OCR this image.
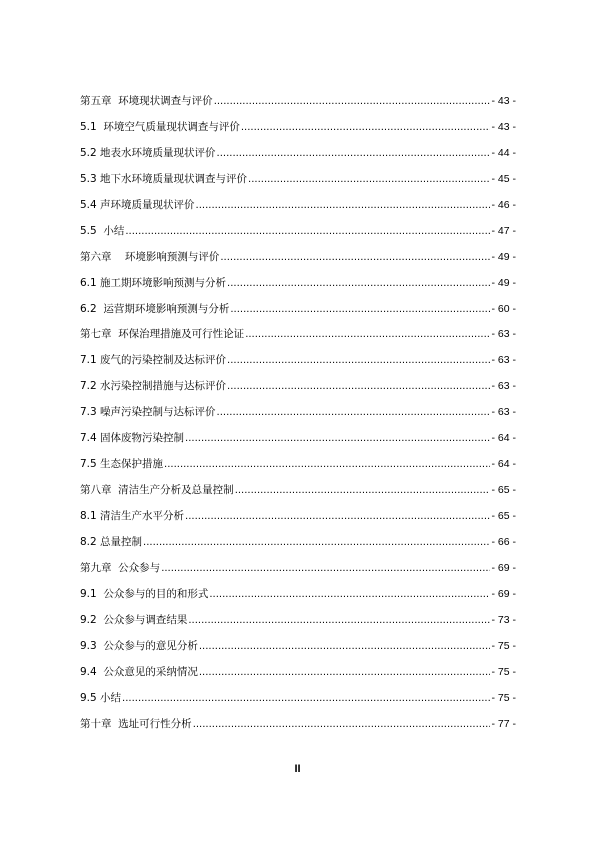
第五章  环境现状调查与评价 .....	- 43 -
5.1  环境空气质量现状调查与评价 .....	- 43 -
5.2 地表水环境质量现状评价 .....	- 44 -
5.3 地下水环境质量现状调查与评价 .....	- 45 -
5.4 声环境质量现状评价 .....	- 46 -
5.5  小结 .....	- 47 -
第六章    环境影响预测与评价 .....	- 49 -
6.1 施工期环境影响预测与分析 .....	- 49 -
6.2  运营期环境影响预测与分析 .....	- 60 -
第七章  环保治理措施及可行性论证 .....	- 63 -
7.1 废气的污染控制及达标评价 .....	- 63 -
7.2 水污染控制措施与达标评价 .....	- 63 -
7.3 噪声污染控制与达标评价 .....	- 63 -
7.4 固体废物污染控制 .....	- 64 -
7.5 生态保护措施 .....	- 64 -
第八章  清洁生产分析及总量控制 .....	- 65 -
8.1 清洁生产水平分析 .....	- 65 -
8.2 总量控制 .....	- 66 -
第九章  公众参与 .....	- 69 -
9.1  公众参与的目的和形式 .....	- 69 -
9.2  公众参与调查结果 .....	- 73 -
9.3  公众参与的意见分析 .....	- 75 -
9.4  公众意见的采纳情况 .....	- 75 -
9.5 小结 .....	- 75 -
第十章  选址可行性分析 .....	- 77 -
II
